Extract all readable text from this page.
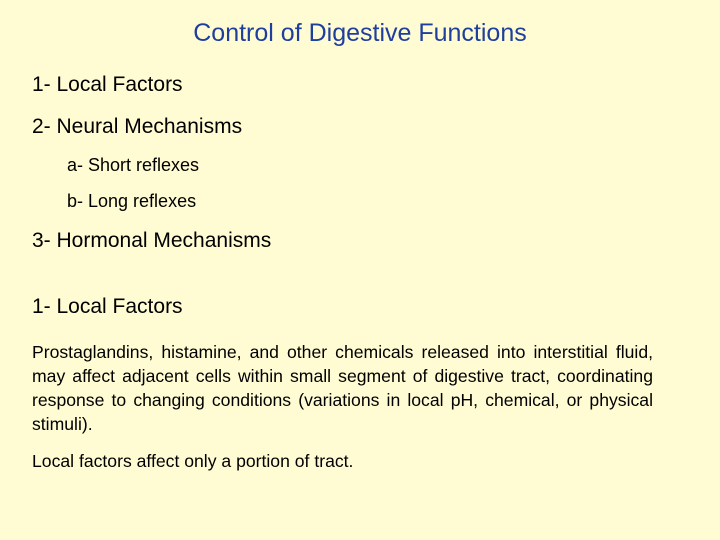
Control of Digestive Functions
1- Local Factors
2- Neural Mechanisms
a- Short reflexes
b- Long reflexes
3- Hormonal Mechanisms
1- Local Factors

Prostaglandins, histamine, and other chemicals released into interstitial fluid, may affect adjacent cells within small segment of digestive tract, coordinating response to changing conditions (variations in local pH, chemical, or physical stimuli).

Local factors affect only a portion of tract.
